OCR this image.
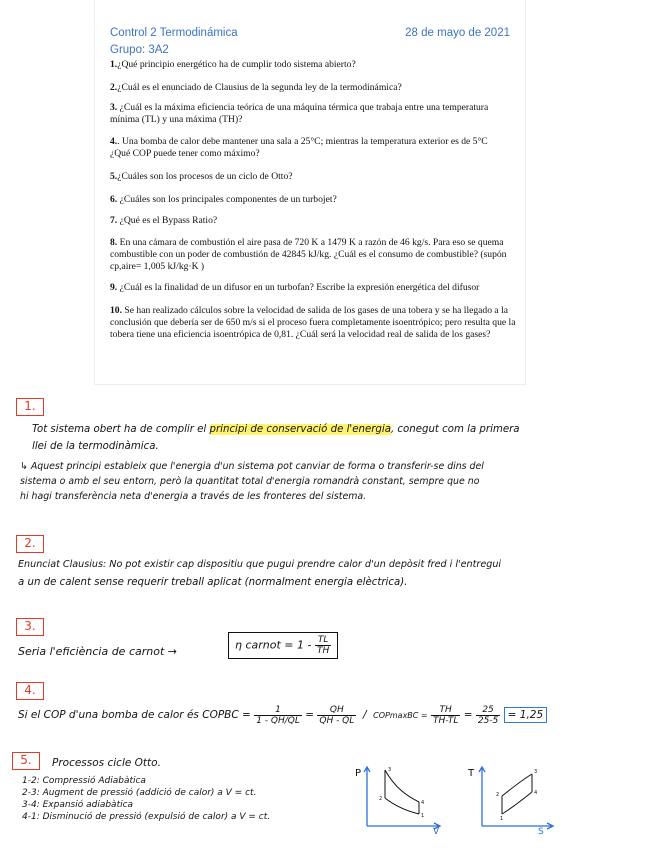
Control 2 Termodinámica	28 de mayo de 2021
Grupo: 3A2
1.¿Qué principio energético ha de cumplir todo sistema abierto?
2.¿Cuál es el enunciado de Clausius de la segunda ley de la termodinámica?
3. ¿Cuál es la máxima eficiencia teórica de una máquina térmica que trabaja entre una temperatura mínima (TL) y una máxima (TH)?
4.. Una bomba de calor debe mantener una sala a 25°C; mientras la temperatura exterior es de 5°C ¿Qué COP puede tener como máximo?
5.¿Cuáles son los procesos de un ciclo de Otto?
6. ¿Cuáles son los principales componentes de un turbojet?
7. ¿Qué es el Bypass Ratio?
8. En una cámara de combustión el aire pasa de 720 K a 1479 K a razón de 46 kg/s. Para eso se quema combustible con un poder de combustión de 42845 kJ/kg. ¿Cuál es el consumo de combustible? (supón cp,aire= 1,005 kJ/kg·K )
9. ¿Cuál es la finalidad de un difusor en un turbofan? Escribe la expresión energética del difusor
10. Se han realizado cálculos sobre la velocidad de salida de los gases de una tobera y se ha llegado a la conclusión que debería ser de 650 m/s si el proceso fuera completamente isoentrópico; pero resulta que la tobera tiene una eficiencia isoentrópica de 0,81. ¿Cuál será la velocidad real de salida de los gases?
1.
Tot sistema obert ha de complir el principi de conservació de l'energia, conegut com la primera
llei de la termodinàmica.
↳ Aquest principi estableix que l'energia d'un sistema pot canviar de forma o transferir-se dins del
sistema o amb el seu entorn, però la quantitat total d'energia romandrà constant, sempre que no
hi hagi transferència neta d'energia a través de les fronteres del sistema.
2.
Enunciat Clausius: No pot existir cap dispositiu que pugui prendre calor d'un depòsit fred i l'entregui
a un de calent sense requerir treball aplicat (normalment energia elèctrica).
3.
Seria l'eficiència de carnot →	η carnot = $1 - \frac{TL}{TH}$
4.
Si el COP d'una bomba de calor és COPBC = $\frac{1}{1 - QH/QL} = \frac{QH}{QH - QL}$ /  COPmaxBC = $\frac{TH}{TH-TL} = \frac{25}{25-5} = 1,25$
5.	Processos cicle Otto.
1-2: Compressió Adiabàtica
2-3: Augment de pressió (addició de calor) a V = ct.
3-4: Expansió adiabàtica
4-1: Disminució de pressió (expulsió de calor) a V = ct.
P
V
3
2
4
1
T
S
3
2	4
1
